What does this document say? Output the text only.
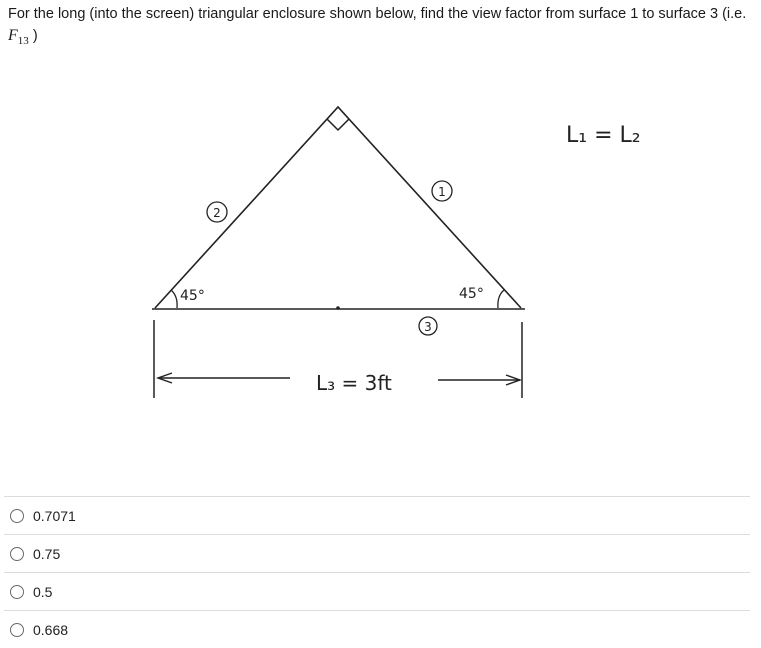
For the long (into the screen) triangular enclosure shown below, find the view factor from surface 1 to surface 3 (i.e.
$F_{13}$ )
2
1
3
45°	45°
L₃ = 3ft
L₁ = L₂
0.7071
0.75
0.5
0.668
